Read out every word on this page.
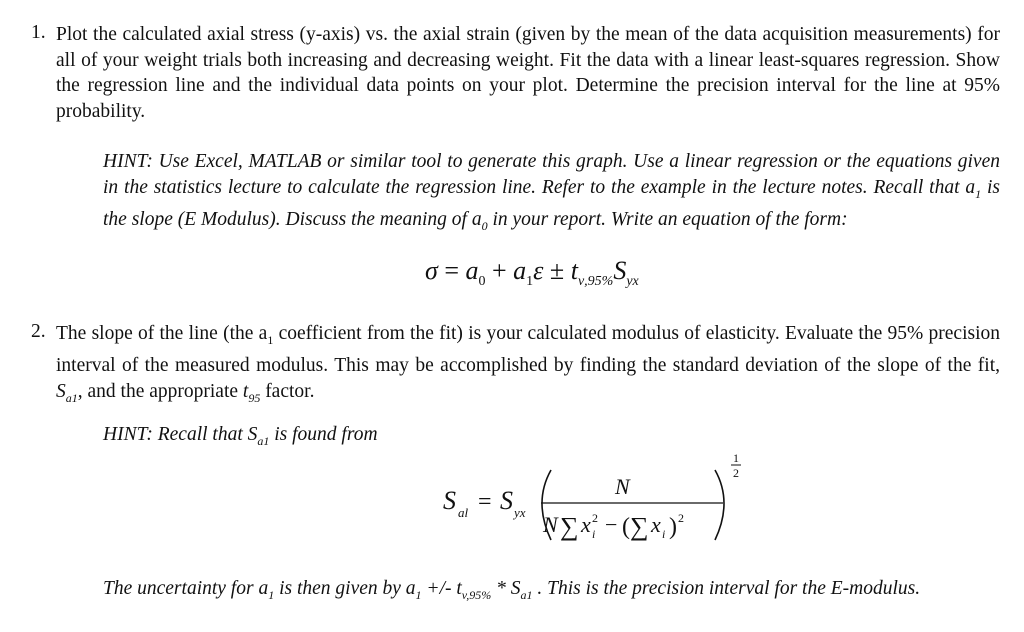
1. Plot the calculated axial stress (y-axis) vs. the axial strain (given by the mean of the data acquisition measurements) for all of your weight trials both increasing and decreasing weight. Fit the data with a linear least-squares regression. Show the regression line and the individual data points on your plot. Determine the precision interval for the line at 95% probability.
HINT: Use Excel, MATLAB or similar tool to generate this graph. Use a linear regression or the equations given in the statistics lecture to calculate the regression line. Refer to the example in the lecture notes. Recall that $a_1$ is the slope (E Modulus). Discuss the meaning of $a_0$ in your report. Write an equation of the form:
$\sigma = a_0 + a_1\varepsilon \pm t_{\nu,95\%}S_{yx}$
2. The slope of the line (the $a_1$ coefficient from the fit) is your calculated modulus of elasticity. Evaluate the 95% precision interval of the measured modulus. This may be accomplished by finding the standard deviation of the slope of the fit, $S_{a1}$, and the appropriate $t_{95}$ factor.
HINT: Recall that $S_{a1}$ is found from
S al = S yx
N
N ∑ x 2
i − ( ∑ x i ) 2
1
2
The uncertainty for $a_1$ is then given by $a_1$ +/- $t_{v,95\%} * S_{a1}$ . This is the precision interval for the E-modulus.
